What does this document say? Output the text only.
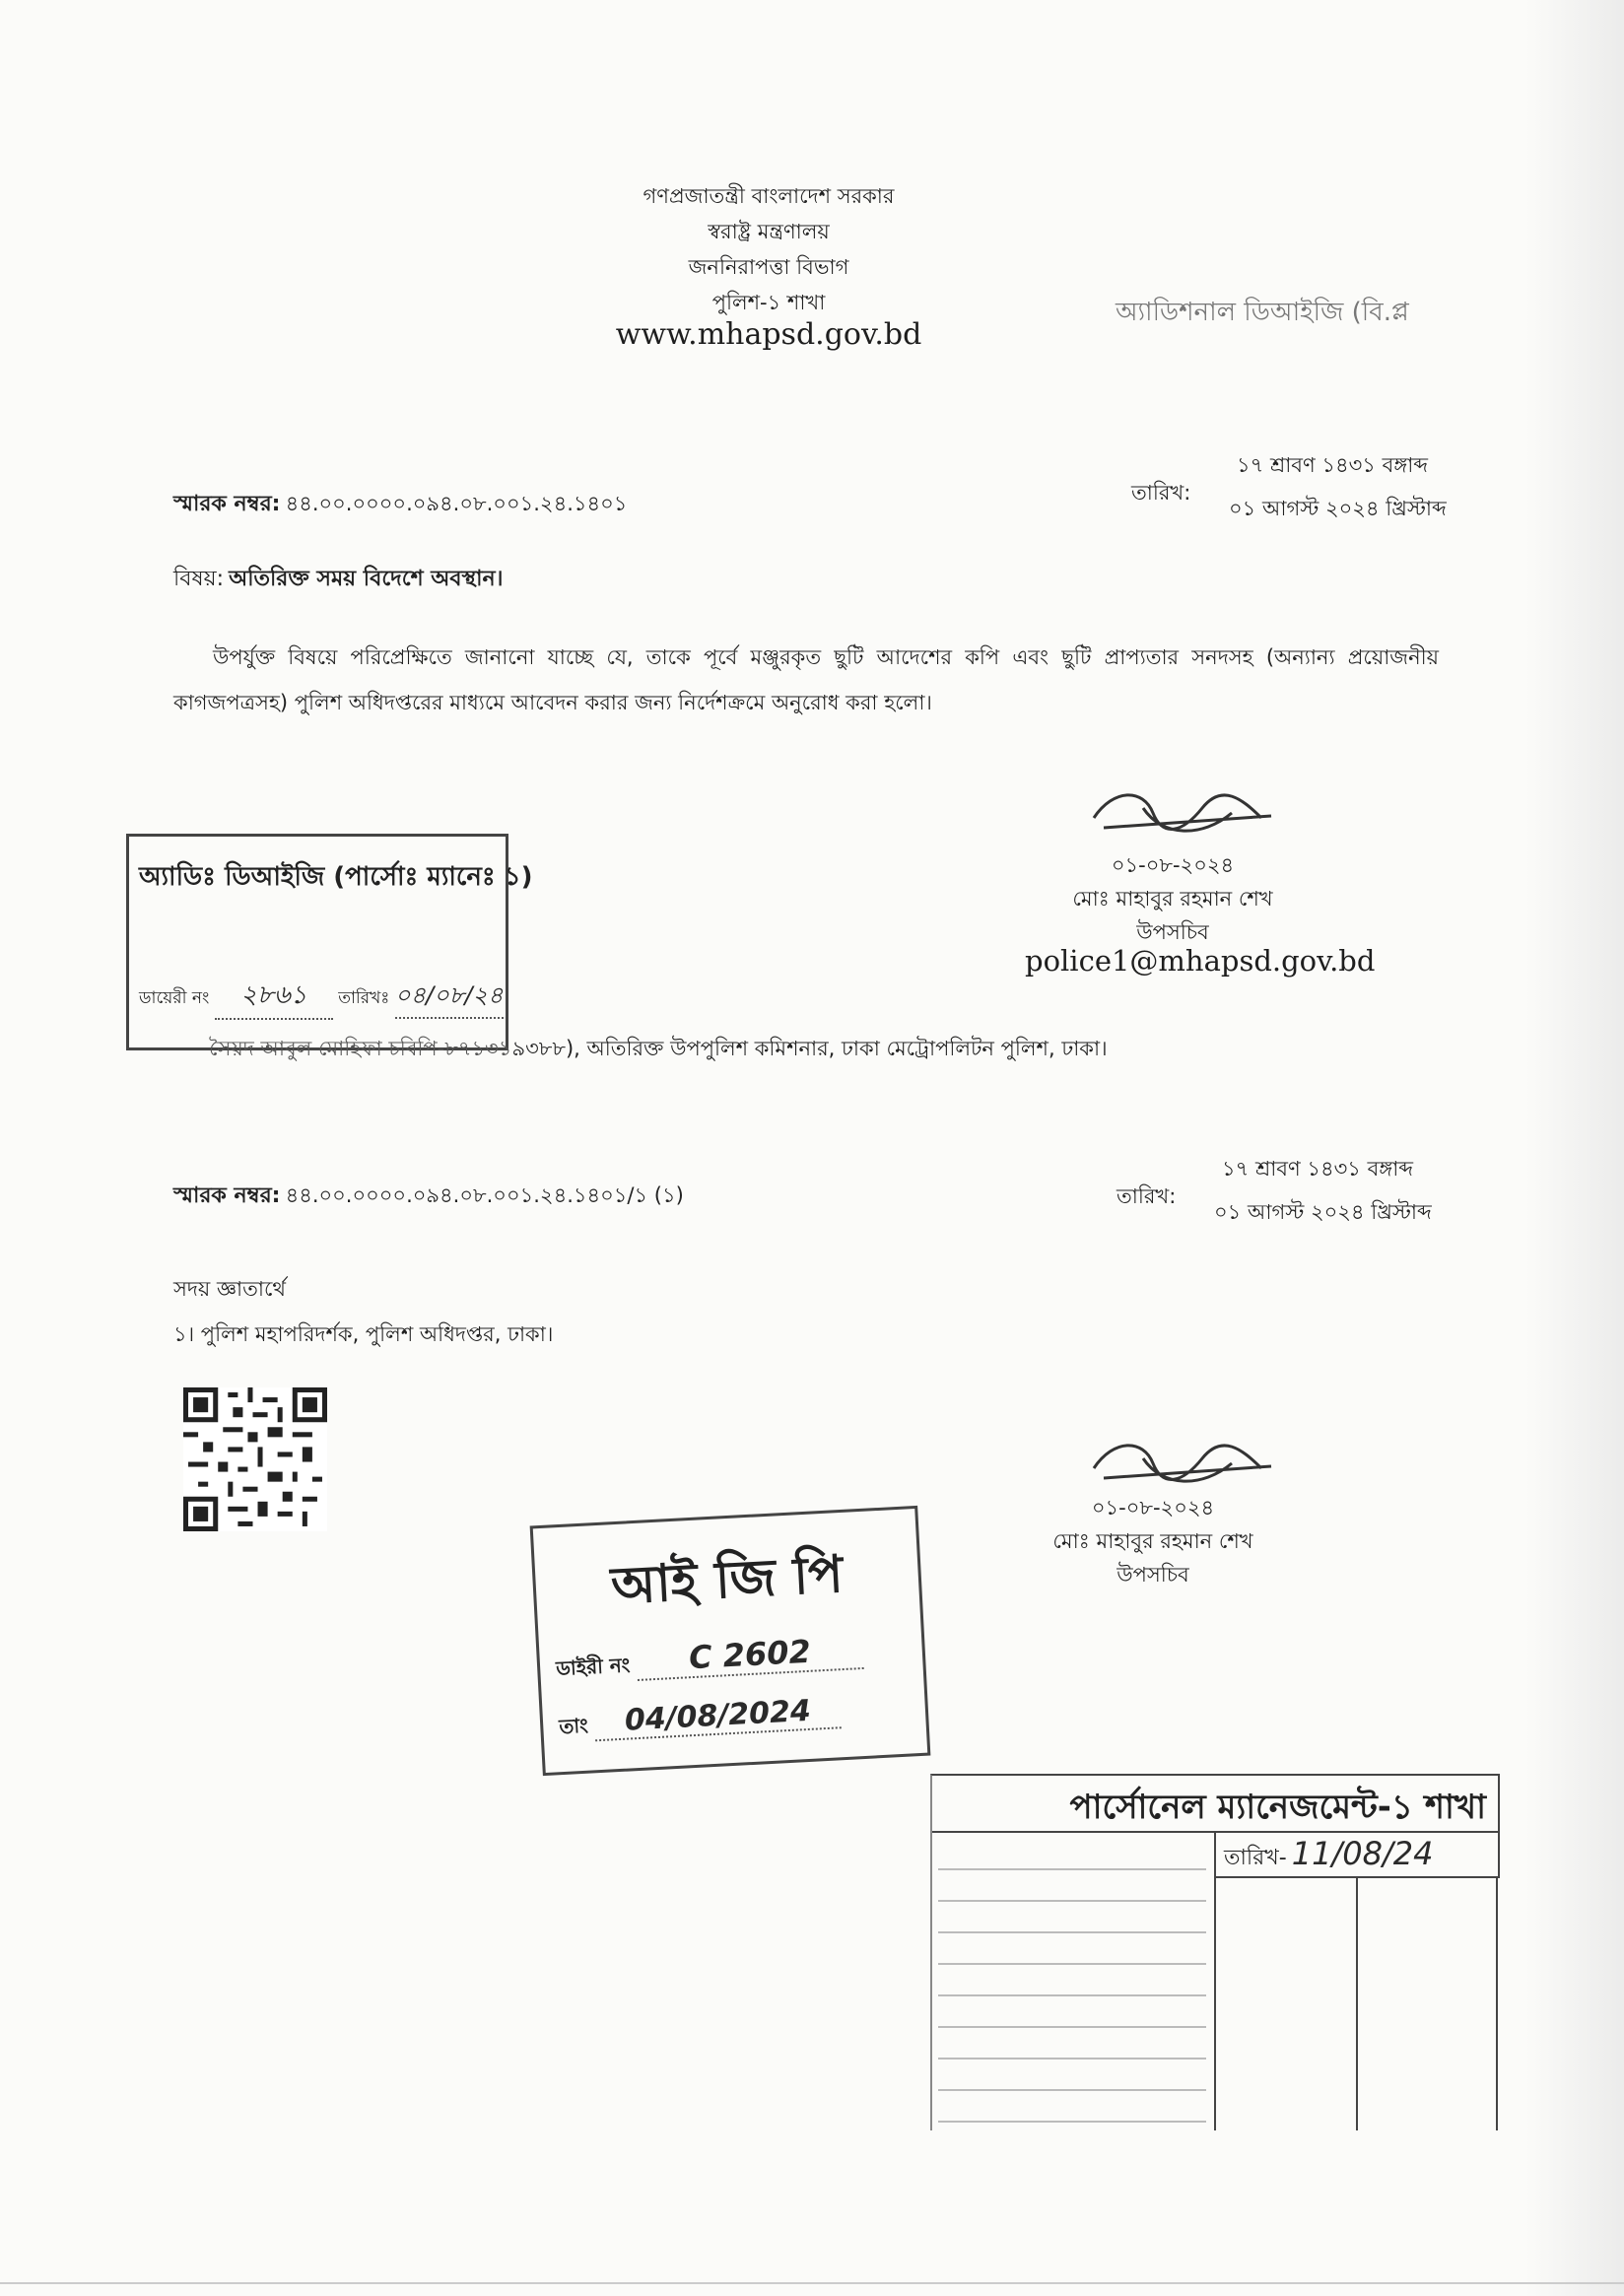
গণপ্রজাতন্ত্রী বাংলাদেশ সরকার
স্বরাষ্ট্র মন্ত্রণালয়
জননিরাপত্তা বিভাগ
পুলিশ-১ শাখা
www.mhapsd.gov.bd
অ্যাডিশনাল ডিআইজি (বি.প্ল
১৭ শ্রাবণ ১৪৩১ বঙ্গাব্দ
তারিখ:
০১ আগস্ট ২০২৪ খ্রিস্টাব্দ
স্মারক নম্বর: ৪৪.০০.০০০০.০৯৪.০৮.০০১.২৪.১৪০১
বিষয়: অতিরিক্ত সময় বিদেশে অবস্থান।
উপর্যুক্ত বিষয়ে পরিপ্রেক্ষিতে জানানো যাচ্ছে যে, তাকে পূর্বে মঞ্জুরকৃত ছুটি আদেশের কপি এবং ছুটি প্রাপ্যতার সনদসহ (অন্যান্য প্রয়োজনীয় কাগজপত্রসহ) পুলিশ অধিদপ্তরের মাধ্যমে আবেদন করার জন্য নির্দেশক্রমে অনুরোধ করা হলো।
০১-০৮-২০২৪
মোঃ মাহাবুর রহমান শেখ
উপসচিব
police1@mhapsd.gov.bd
অ্যাডিঃ ডিআইজি (পার্সোঃ ম্যানেঃ ১)
ডায়েরী নং ২৮৬১ তারিখঃ ০৪/০৮/২৪
সৈয়দ আবুল মোহিফা চবিপি-৮৭১৩১৯৩৮৮), অতিরিক্ত উপপুলিশ কমিশনার, ঢাকা মেট্রোপলিটন পুলিশ, ঢাকা।
১৭ শ্রাবণ ১৪৩১ বঙ্গাব্দ
তারিখ:
০১ আগস্ট ২০২৪ খ্রিস্টাব্দ
স্মারক নম্বর: ৪৪.০০.০০০০.০৯৪.০৮.০০১.২৪.১৪০১/১ (১)
সদয় জ্ঞাতার্থে
১। পুলিশ মহাপরিদর্শক, পুলিশ অধিদপ্তর, ঢাকা।
০১-০৮-২০২৪
মোঃ মাহাবুর রহমান শেখ
উপসচিব
আই জি পি
ডাইরী নং C 2602
তাং 04/08/2024
পার্সোনেল ম্যানেজমেন্ট-১ শাখা
তারিখ- 11/08/24
